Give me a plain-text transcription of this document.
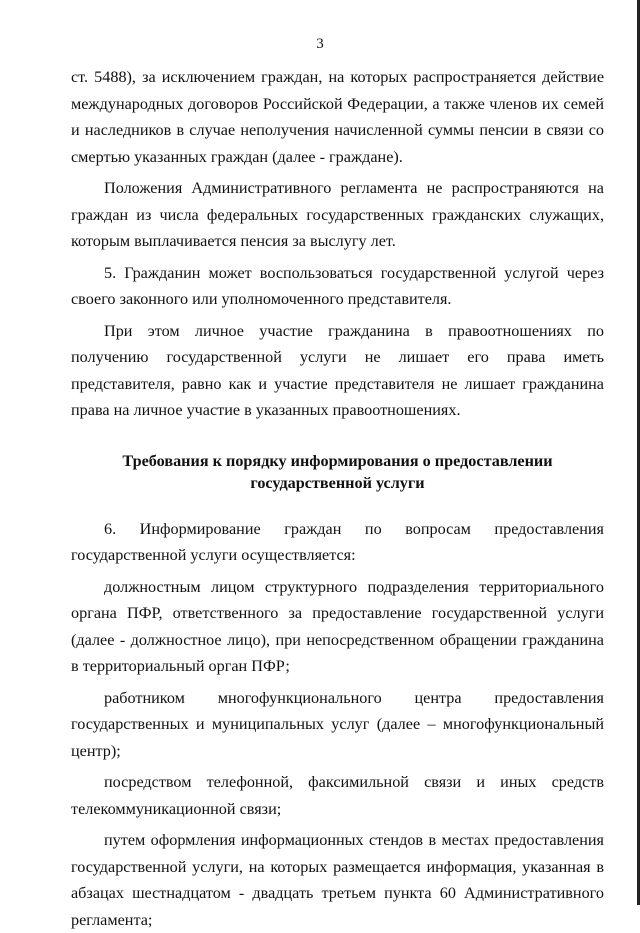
3

ст. 5488), за исключением граждан, на которых распространяется действие международных договоров Российской Федерации, а также членов их семей и наследников в случае неполучения начисленной суммы пенсии в связи со смертью указанных граждан (далее - граждане).

Положения Административного регламента не распространяются на граждан из числа федеральных государственных гражданских служащих, которым выплачивается пенсия за выслугу лет.

5. Гражданин может воспользоваться государственной услугой через своего законного или уполномоченного представителя.

При этом личное участие гражданина в правоотношениях по получению государственной услуги не лишает его права иметь представителя, равно как и участие представителя не лишает гражданина права на личное участие в указанных правоотношениях.

Требования к порядку информирования о предоставлении
государственной услуги

6. Информирование граждан по вопросам предоставления государственной услуги осуществляется:

должностным лицом структурного подразделения территориального органа ПФР, ответственного за предоставление государственной услуги (далее - должностное лицо), при непосредственном обращении гражданина в территориальный орган ПФР;

работником многофункционального центра предоставления государственных и муниципальных услуг (далее – многофункциональный центр);

посредством телефонной, факсимильной связи и иных средств телекоммуникационной связи;

путем оформления информационных стендов в местах предоставления государственной услуги, на которых размещается информация, указанная в абзацах шестнадцатом - двадцать третьем пункта 60 Административного регламента;
